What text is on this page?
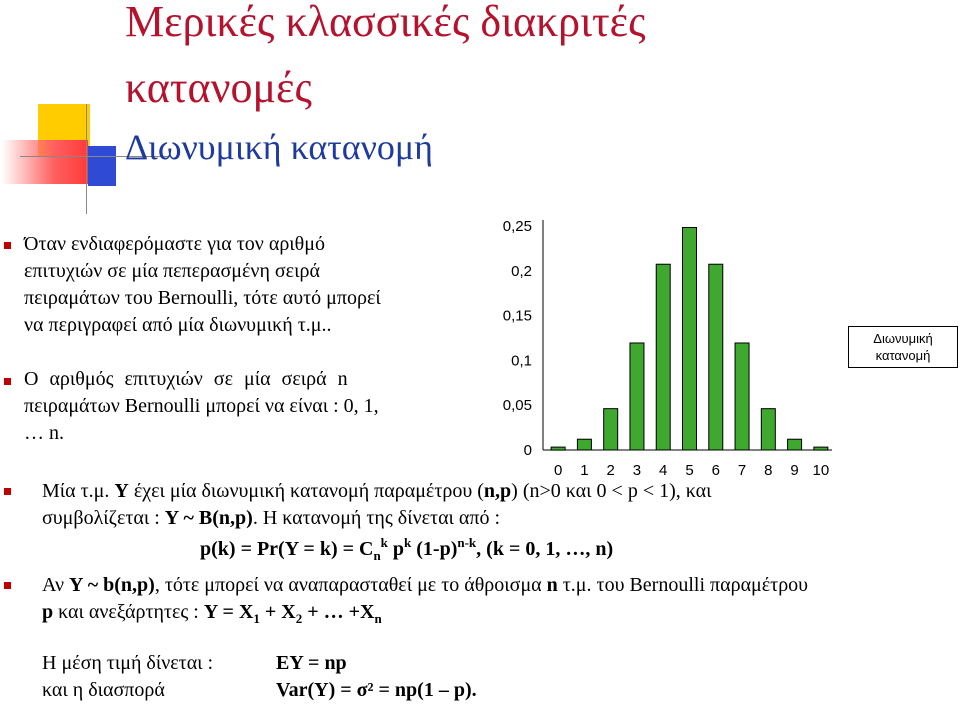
Μερικές κλασσικές διακριτές
κατανομές
Διωνυμική κατανομή
Όταν ενδιαφερόμαστε για τον αριθμό
επιτυχιών σε μία πεπερασμένη σειρά
πειραμάτων του Bernoulli, τότε αυτό μπορεί
να περιγραφεί από μία διωνυμική τ.μ..
Ο αριθμός επιτυχιών σε μία σειρά n
πειραμάτων Bernoulli μπορεί να είναι : 0, 1,
… n.
0
0,05
0,1
0,15
0,2
0,25
0 1 2 3 4 5 6 7 8 9 10
Διωνυμική
κατανομή
Μία τ.μ. Y έχει μία διωνυμική κατανομή παραμέτρου (n,p) (n>0 και 0 < p < 1), και
συμβολίζεται : Y ~ B(n,p). Η κατανομή της δίνεται από :
$p(k) = Pr(Y = k) = C_n^k$ $p^k$ $(1-p)^{n-k}$, (k = 0, 1, …, n)
Αν Y ~ b(n,p), τότε μπορεί να αναπαρασταθεί με το άθροισμα n τ.μ. του Bernoulli παραμέτρου
p και ανεξάρτητες : $Y = X_1 + X_2$ + … $+X_n$
Η μέση τιμή δίνεται :	EY = np
και η διασπορά	Var(Y) = σ² = np(1 – p).
